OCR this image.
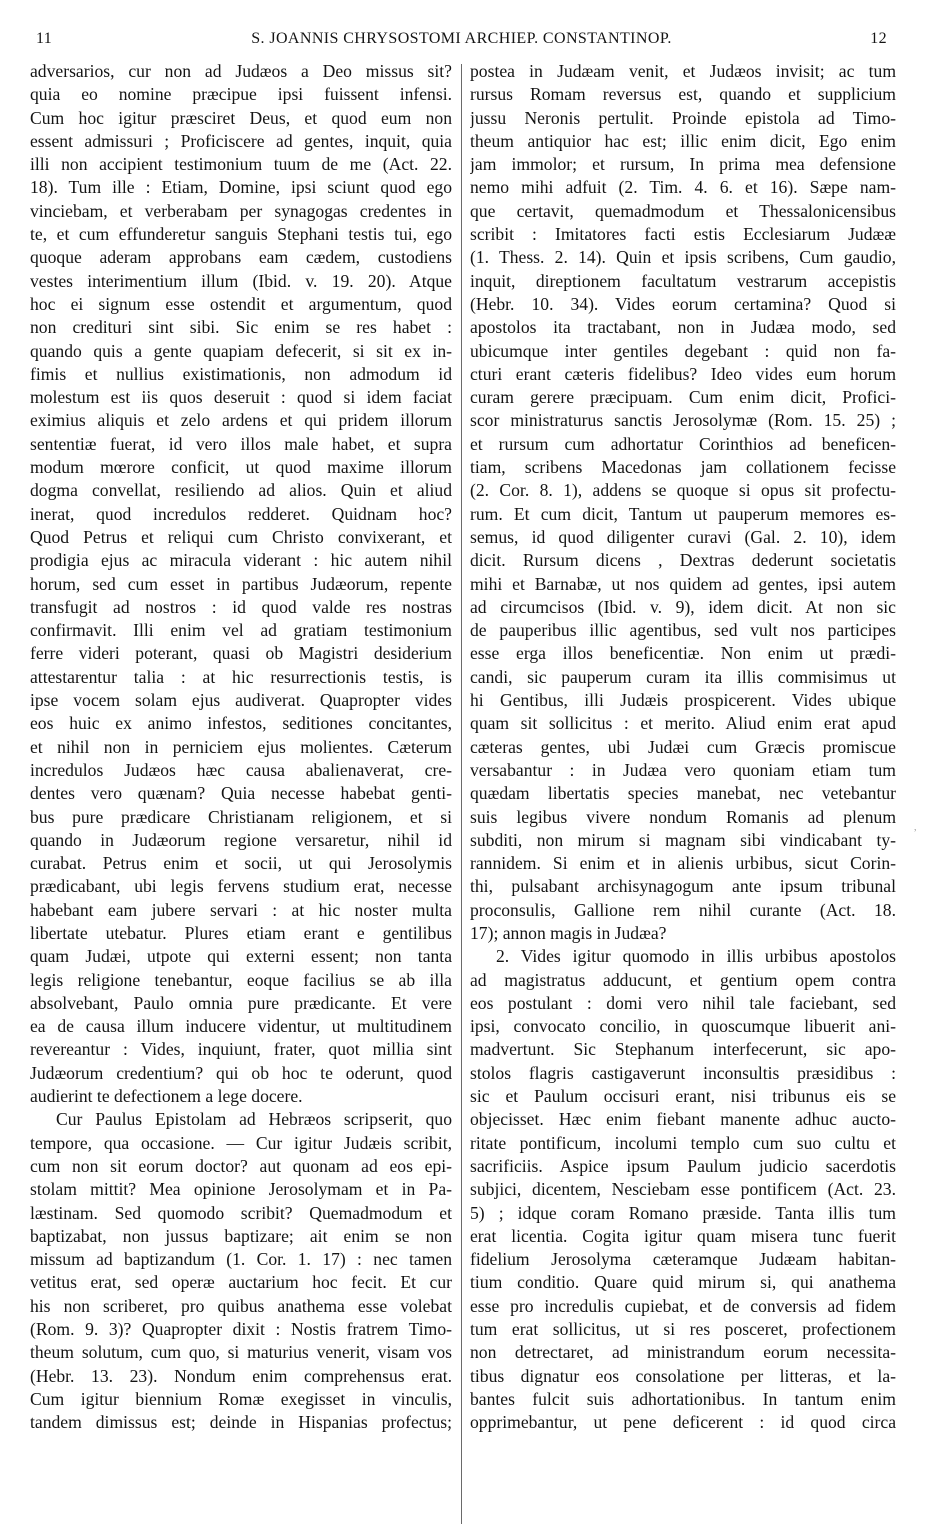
11	S. JOANNIS CHRYSOSTOMI ARCHIEP. CONSTANTINOP.	12
adversarios, cur non ad Judæos a Deo missus sit?
quia eo nomine præcipue ipsi fuissent infensi.
Cum hoc igitur præsciret Deus, et quod eum non
essent admissuri ; Proficiscere ad gentes, inquit, quia
illi non accipient testimonium tuum de me (Act. 22.
18). Tum ille : Etiam, Domine, ipsi sciunt quod ego
vinciebam, et verberabam per synagogas credentes in
te, et cum effunderetur sanguis Stephani testis tui, ego
quoque aderam approbans eam cædem, custodiens
vestes interimentium illum (Ibid. v. 19. 20). Atque
hoc ei signum esse ostendit et argumentum, quod
non credituri sint sibi. Sic enim se res habet :
quando quis a gente quapiam defecerit, si sit ex in-
fimis et nullius existimationis, non admodum id
molestum est iis quos deseruit : quod si idem faciat
eximius aliquis et zelo ardens et qui pridem illorum
sententiæ fuerat, id vero illos male habet, et supra
modum mœrore conficit, ut quod maxime illorum
dogma convellat, resiliendo ad alios. Quin et aliud
inerat, quod incredulos redderet. Quidnam hoc?
Quod Petrus et reliqui cum Christo convixerant, et
prodigia ejus ac miracula viderant : hic autem nihil
horum, sed cum esset in partibus Judæorum, repente
transfugit ad nostros : id quod valde res nostras
confirmavit. Illi enim vel ad gratiam testimonium
ferre videri poterant, quasi ob Magistri desiderium
attestarentur talia : at hic resurrectionis testis, is
ipse vocem solam ejus audiverat. Quapropter vides
eos huic ex animo infestos, seditiones concitantes,
et nihil non in perniciem ejus molientes. Cæterum
incredulos Judæos hæc causa abalienaverat, cre-
dentes vero quænam? Quia necesse habebat genti-
bus pure prædicare Christianam religionem, et si
quando in Judæorum regione versaretur, nihil id
curabat. Petrus enim et socii, ut qui Jerosolymis
prædicabant, ubi legis fervens studium erat, necesse
habebant eam jubere servari : at hic noster multa
libertate utebatur. Plures etiam erant e gentilibus
quam Judæi, utpote qui externi essent; non tanta
legis religione tenebantur, eoque facilius se ab illa
absolvebant, Paulo omnia pure prædicante. Et vere
ea de causa illum inducere videntur, ut multitudinem
revereantur : Vides, inquiunt, frater, quot millia sint
Judæorum credentium? qui ob hoc te oderunt, quod
audierint te defectionem a lege docere.
Cur Paulus Epistolam ad Hebræos scripserit, quo
tempore, qua occasione. — Cur igitur Judæis scribit,
cum non sit eorum doctor? aut quonam ad eos epi-
stolam mittit? Mea opinione Jerosolymam et in Pa-
læstinam. Sed quomodo scribit? Quemadmodum et
baptizabat, non jussus baptizare; ait enim se non
missum ad baptizandum (1. Cor. 1. 17) : nec tamen
vetitus erat, sed operæ auctarium hoc fecit. Et cur
his non scriberet, pro quibus anathema esse volebat
(Rom. 9. 3)? Quapropter dixit : Nostis fratrem Timo-
theum solutum, cum quo, si maturius venerit, visam vos
(Hebr. 13. 23). Nondum enim comprehensus erat.
Cum igitur biennium Romæ exegisset in vinculis,
tandem dimissus est; deinde in Hispanias profectus;
postea in Judæam venit, et Judæos invisit; ac tum
rursus Romam reversus est, quando et supplicium
jussu Neronis pertulit. Proinde epistola ad Timo-
theum antiquior hac est; illic enim dicit, Ego enim
jam immolor; et rursum, In prima mea defensione
nemo mihi adfuit (2. Tim. 4. 6. et 16). Sæpe nam-
que certavit, quemadmodum et Thessalonicensibus
scribit : Imitatores facti estis Ecclesiarum Judææ
(1. Thess. 2. 14). Quin et ipsis scribens, Cum gaudio,
inquit, direptionem facultatum vestrarum accepistis
(Hebr. 10. 34). Vides eorum certamina? Quod si
apostolos ita tractabant, non in Judæa modo, sed
ubicumque inter gentiles degebant : quid non fa-
cturi erant cæteris fidelibus? Ideo vides eum horum
curam gerere præcipuam. Cum enim dicit, Profici-
scor ministraturus sanctis Jerosolymæ (Rom. 15. 25) ;
et rursum cum adhortatur Corinthios ad beneficen-
tiam, scribens Macedonas jam collationem fecisse
(2. Cor. 8. 1), addens se quoque si opus sit profectu-
rum. Et cum dicit, Tantum ut pauperum memores es-
semus, id quod diligenter curavi (Gal. 2. 10), idem
dicit. Rursum dicens , Dextras dederunt societatis
mihi et Barnabæ, ut nos quidem ad gentes, ipsi autem
ad circumcisos (Ibid. v. 9), idem dicit. At non sic
de pauperibus illic agentibus, sed vult nos participes
esse erga illos beneficentiæ. Non enim ut prædi-
candi, sic pauperum curam ita illis commisimus ut
hi Gentibus, illi Judæis prospicerent. Vides ubique
quam sit sollicitus : et merito. Aliud enim erat apud
cæteras gentes, ubi Judæi cum Græcis promiscue
versabantur : in Judæa vero quoniam etiam tum
quædam libertatis species manebat, nec vetebantur
suis legibus vivere nondum Romanis ad plenum
subditi, non mirum si magnam sibi vindicabant ty-
rannidem. Si enim et in alienis urbibus, sicut Corin-
thi, pulsabant archisynagogum ante ipsum tribunal
proconsulis, Gallione rem nihil curante (Act. 18.
17); annon magis in Judæa?
2. Vides igitur quomodo in illis urbibus apostolos
ad magistratus adducunt, et gentium opem contra
eos postulant : domi vero nihil tale faciebant, sed
ipsi, convocato concilio, in quoscumque libuerit ani-
madvertunt. Sic Stephanum interfecerunt, sic apo-
stolos flagris castigaverunt inconsultis præsidibus :
sic et Paulum occisuri erant, nisi tribunus eis se
objecisset. Hæc enim fiebant manente adhuc aucto-
ritate pontificum, incolumi templo cum suo cultu et
sacrificiis. Aspice ipsum Paulum judicio sacerdotis
subjici, dicentem, Nesciebam esse pontificem (Act. 23.
5) ; idque coram Romano præside. Tanta illis tum
erat licentia. Cogita igitur quam misera tunc fuerit
fidelium Jerosolyma cæteramque Judæam habitan-
tium conditio. Quare quid mirum si, qui anathema
esse pro incredulis cupiebat, et de conversis ad fidem
tum erat sollicitus, ut si res posceret, profectionem
non detrectaret, ad ministrandum eorum necessita-
tibus dignatur eos consolatione per litteras, et la-
bantes fulcit suis adhortationibus. In tantum enim
opprimebantur, ut pene deficerent : id quod circa
,
